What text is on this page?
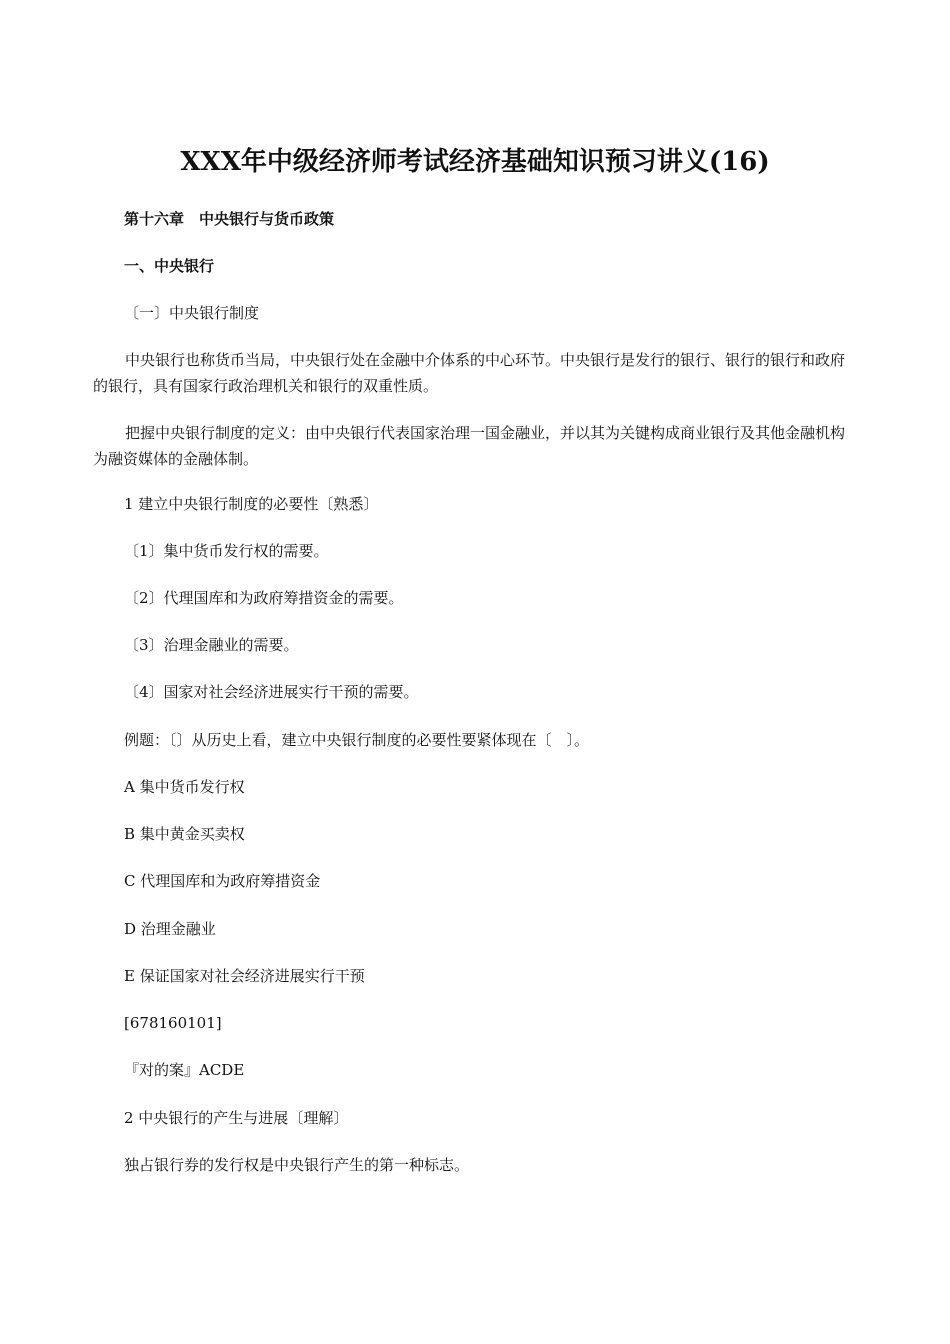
XXX年中级经济师考试经济基础知识预习讲义(16)

第十六章　中央银行与货币政策

一、中央银行

〔一〕中央银行制度

中央银行也称货币当局，中央银行处在金融中介体系的中心环节。中央银行是发行的银行、银行的银行和政府的银行，具有国家行政治理机关和银行的双重性质。

把握中央银行制度的定义：由中央银行代表国家治理一国金融业，并以其为关键构成商业银行及其他金融机构为融资媒体的金融体制。

1 建立中央银行制度的必要性〔熟悉〕

〔1〕集中货币发行权的需要。

〔2〕代理国库和为政府筹措资金的需要。

〔3〕治理金融业的需要。

〔4〕国家对社会经济进展实行干预的需要。

例题：〔〕从历史上看，建立中央银行制度的必要性要紧体现在〔　〕。

A 集中货币发行权

B 集中黄金买卖权

C 代理国库和为政府筹措资金

D 治理金融业

E 保证国家对社会经济进展实行干预

[678160101]

『对的案』ACDE

2 中央银行的产生与进展〔理解〕

独占银行券的发行权是中央银行产生的第一种标志。
